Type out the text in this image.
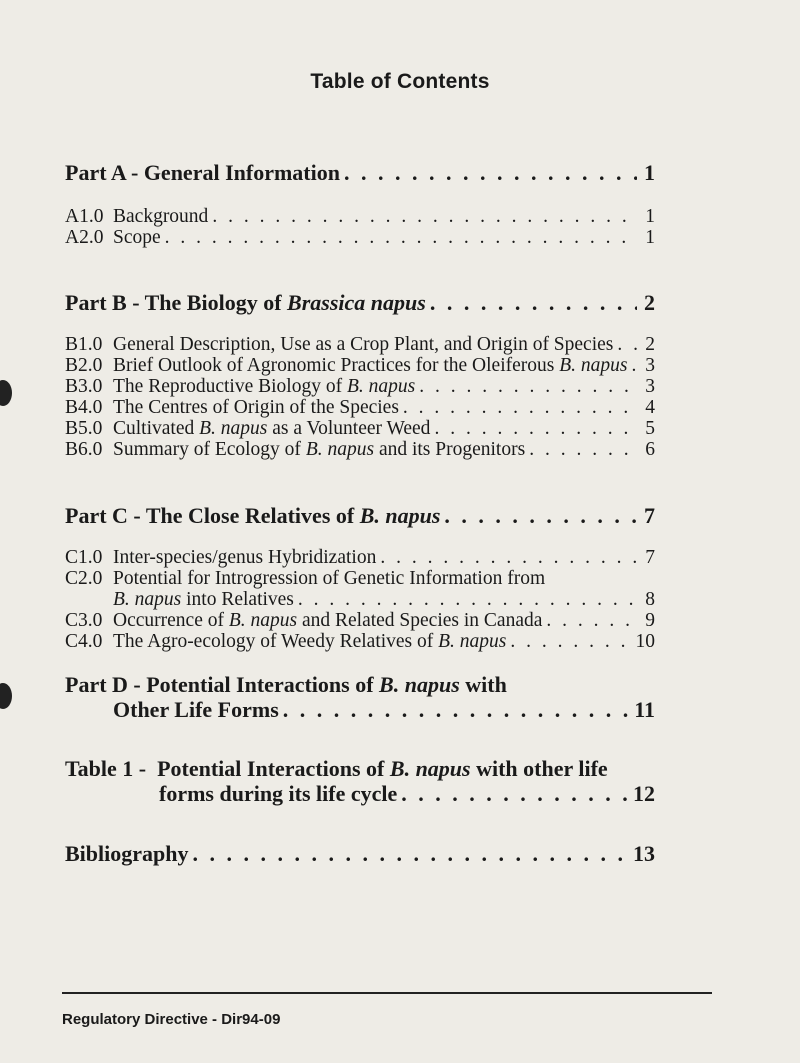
Table of Contents
Part A - General Information . . .	1
A1.0 Background . . .	1
A2.0 Scope . . .	1
Part B - The Biology of Brassica napus . . .	2
B1.0 General Description, Use as a Crop Plant, and Origin of Species . . . 2
B2.0 Brief Outlook of Agronomic Practices for the Oleiferous B. napus . . . 3
B3.0 The Reproductive Biology of B. napus . . .	3
B4.0 The Centres of Origin of the Species . . .	4
B5.0 Cultivated B. napus as a Volunteer Weed . . .	5
B6.0 Summary of Ecology of B. napus and its Progenitors . . .	6
Part C - The Close Relatives of B. napus . . .	7
C1.0 Inter-species/genus Hybridization . . .	7
C2.0 Potential for Introgression of Genetic Information from
B. napus into Relatives . . .	8
C3.0 Occurrence of B. napus and Related Species in Canada . . .	9
C4.0 The Agro-ecology of Weedy Relatives of B. napus . . .	10
Part D - Potential Interactions of B. napus with
Other Life Forms . . .	11
Table 1 -  Potential Interactions of B. napus with other life
forms during its life cycle . . .	12
Bibliography . . .	13
Regulatory Directive - Dir94-09
